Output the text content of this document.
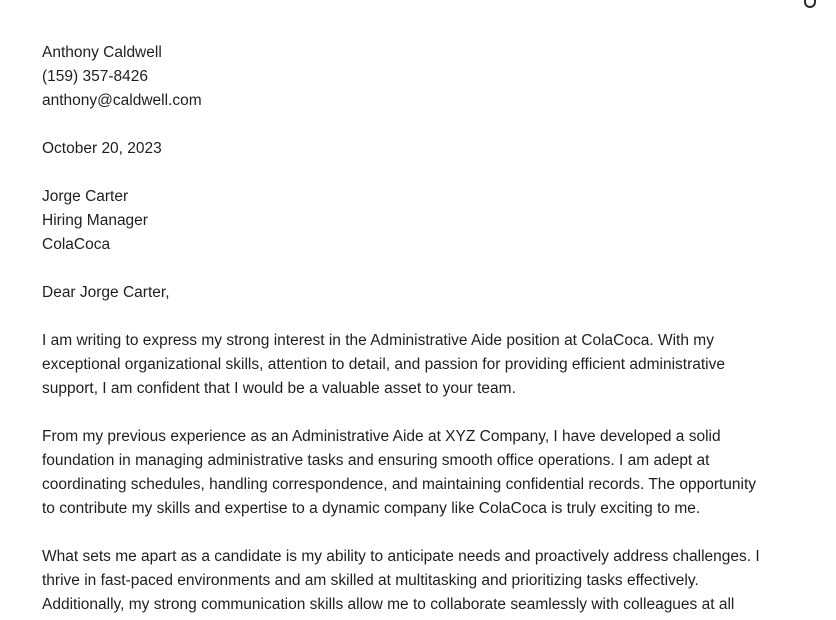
Anthony Caldwell
(159) 357-8426
anthony@caldwell.com
October 20, 2023
Jorge Carter
Hiring Manager
ColaCoca
Dear Jorge Carter,
I am writing to express my strong interest in the Administrative Aide position at ColaCoca. With my
exceptional organizational skills, attention to detail, and passion for providing efficient administrative
support, I am confident that I would be a valuable asset to your team.
From my previous experience as an Administrative Aide at XYZ Company, I have developed a solid
foundation in managing administrative tasks and ensuring smooth office operations. I am adept at
coordinating schedules, handling correspondence, and maintaining confidential records. The opportunity
to contribute my skills and expertise to a dynamic company like ColaCoca is truly exciting to me.
What sets me apart as a candidate is my ability to anticipate needs and proactively address challenges. I
thrive in fast-paced environments and am skilled at multitasking and prioritizing tasks effectively.
Additionally, my strong communication skills allow me to collaborate seamlessly with colleagues at all
